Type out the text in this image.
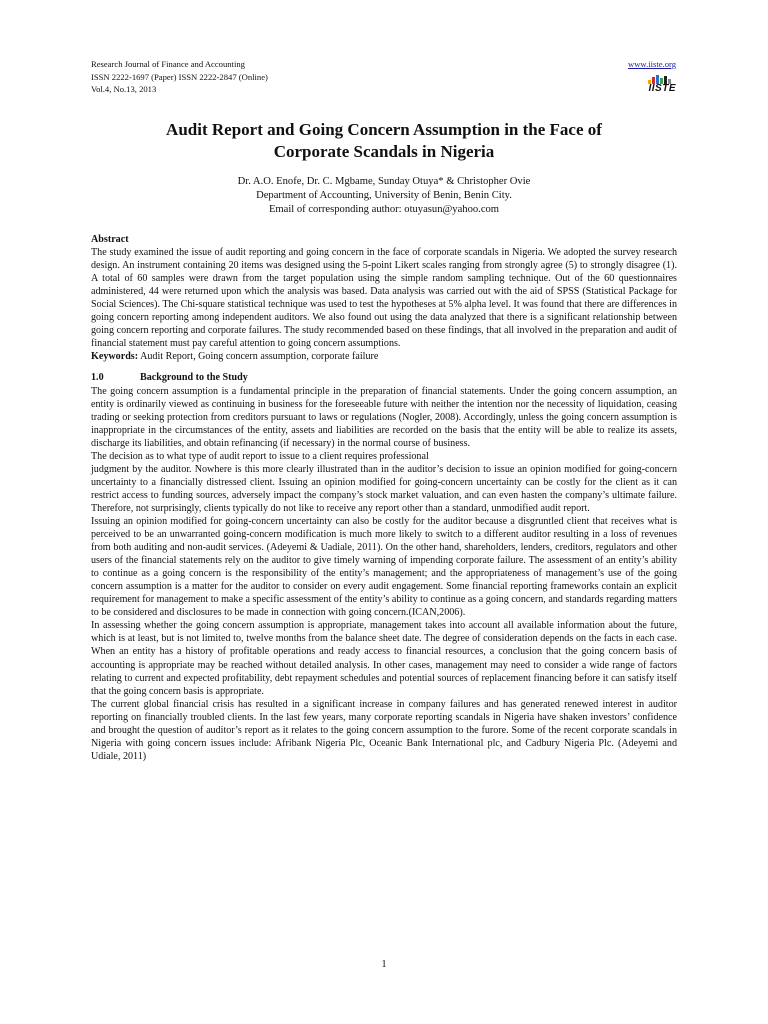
Research Journal of Finance and Accounting
ISSN 2222-1697 (Paper) ISSN 2222-2847 (Online)
Vol.4, No.13, 2013
www.iiste.org
IISTE
Audit Report and Going Concern Assumption in the Face of
Corporate Scandals in Nigeria
Dr. A.O. Enofe, Dr. C. Mgbame, Sunday Otuya* & Christopher Ovie
Department of Accounting, University of Benin, Benin City.
Email of corresponding author: otuyasun@yahoo.com

Abstract

The study examined the issue of audit reporting and going concern in the face of corporate scandals in Nigeria. We adopted the survey research design. An instrument containing 20 items was designed using the 5-point Likert scales ranging from strongly agree (5) to strongly disagree (1). A total of 60 samples were drawn from the target population using the simple random sampling technique. Out of the 60 questionnaires administered, 44 were returned upon which the analysis was based. Data analysis was carried out with the aid of SPSS (Statistical Package for Social Sciences). The Chi-square statistical technique was used to test the hypotheses at 5% alpha level. It was found that there are differences in going concern reporting among independent auditors. We also found out using the data analyzed that there is a significant relationship between going concern reporting and corporate failures. The study recommended based on these findings, that all involved in the preparation and audit of financial statement must pay careful attention to going concern assumptions.

Keywords: Audit Report, Going concern assumption, corporate failure

1.0	Background to the Study

The going concern assumption is a fundamental principle in the preparation of financial statements. Under the going concern assumption, an entity is ordinarily viewed as continuing in business for the foreseeable future with neither the intention nor the necessity of liquidation, ceasing trading or seeking protection from creditors pursuant to laws or regulations (Nogler, 2008). Accordingly, unless the going concern assumption is inappropriate in the circumstances of the entity, assets and liabilities are recorded on the basis that the entity will be able to realize its assets, discharge its liabilities, and obtain refinancing (if necessary) in the normal course of business.

The decision as to what type of audit report to issue to a client requires professional

judgment by the auditor. Nowhere is this more clearly illustrated than in the auditor’s decision to issue an opinion modified for going-concern uncertainty to a financially distressed client. Issuing an opinion modified for going-concern uncertainty can be costly for the client as it can restrict access to funding sources, adversely impact the company’s stock market valuation, and can even hasten the company’s ultimate failure. Therefore, not surprisingly, clients typically do not like to receive any report other than a standard, unmodified audit report.

Issuing an opinion modified for going-concern uncertainty can also be costly for the auditor because a disgruntled client that receives what is perceived to be an unwarranted going-concern modification is much more likely to switch to a different auditor resulting in a loss of revenues from both auditing and non-audit services. (Adeyemi & Uadiale, 2011). On the other hand, shareholders, lenders, creditors, regulators and other users of the financial statements rely on the auditor to give timely warning of impending corporate failure. The assessment of an entity’s ability to continue as a going concern is the responsibility of the entity’s management; and the appropriateness of management’s use of the going concern assumption is a matter for the auditor to consider on every audit engagement. Some financial reporting frameworks contain an explicit requirement for management to make a specific assessment of the entity’s ability to continue as a going concern, and standards regarding matters to be considered and disclosures to be made in connection with going concern.(ICAN,2006).

In assessing whether the going concern assumption is appropriate, management takes into account all available information about the future, which is at least, but is not limited to, twelve months from the balance sheet date. The degree of consideration depends on the facts in each case. When an entity has a history of profitable operations and ready access to financial resources, a conclusion that the going concern basis of accounting is appropriate may be reached without detailed analysis. In other cases, management may need to consider a wide range of factors relating to current and expected profitability, debt repayment schedules and potential sources of replacement financing before it can satisfy itself that the going concern basis is appropriate.

The current global financial crisis has resulted in a significant increase in company failures and has generated renewed interest in auditor reporting on financially troubled clients. In the last few years, many corporate reporting scandals in Nigeria have shaken investors’ confidence and brought the question of auditor’s report as it relates to the going concern assumption to the furore. Some of the recent corporate scandals in Nigeria with going concern issues include: Afribank Nigeria Plc, Oceanic Bank International plc, and Cadbury Nigeria Plc. (Adeyemi and Udiale, 2011)

1
